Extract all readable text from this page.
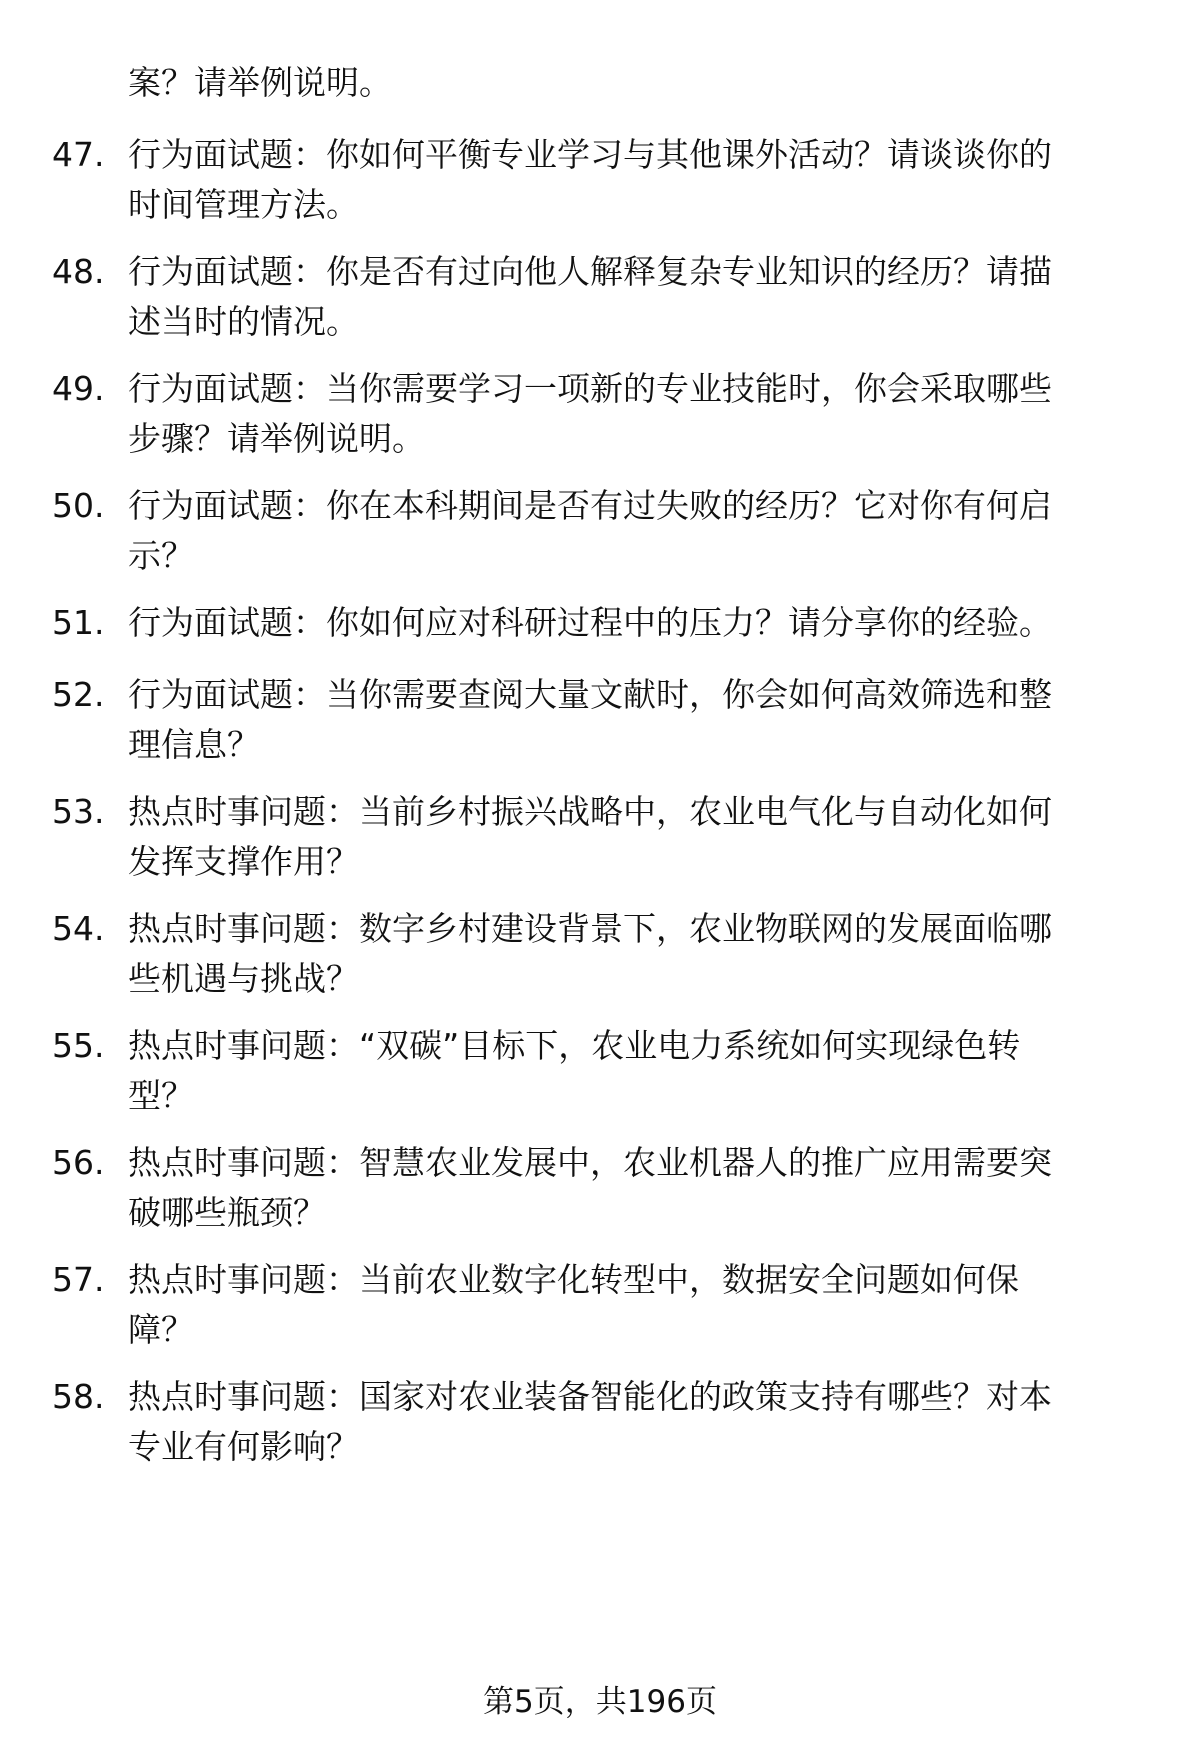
案？请举例说明。
47. 行为面试题：你如何平衡专业学习与其他课外活动？请谈谈你的
时间管理方法。
48. 行为面试题：你是否有过向他人解释复杂专业知识的经历？请描
述当时的情况。
49. 行为面试题：当你需要学习一项新的专业技能时，你会采取哪些
步骤？请举例说明。
50. 行为面试题：你在本科期间是否有过失败的经历？它对你有何启
示？
51. 行为面试题：你如何应对科研过程中的压力？请分享你的经验。
52. 行为面试题：当你需要查阅大量文献时，你会如何高效筛选和整
理信息？
53. 热点时事问题：当前乡村振兴战略中，农业电气化与自动化如何
发挥支撑作用？
54. 热点时事问题：数字乡村建设背景下，农业物联网的发展面临哪
些机遇与挑战？
55. 热点时事问题：“双碳”目标下，农业电力系统如何实现绿色转
型？
56. 热点时事问题：智慧农业发展中，农业机器人的推广应用需要突
破哪些瓶颈？
57. 热点时事问题：当前农业数字化转型中，数据安全问题如何保
障？
58. 热点时事问题：国家对农业装备智能化的政策支持有哪些？对本
专业有何影响？
第5页，共196页
